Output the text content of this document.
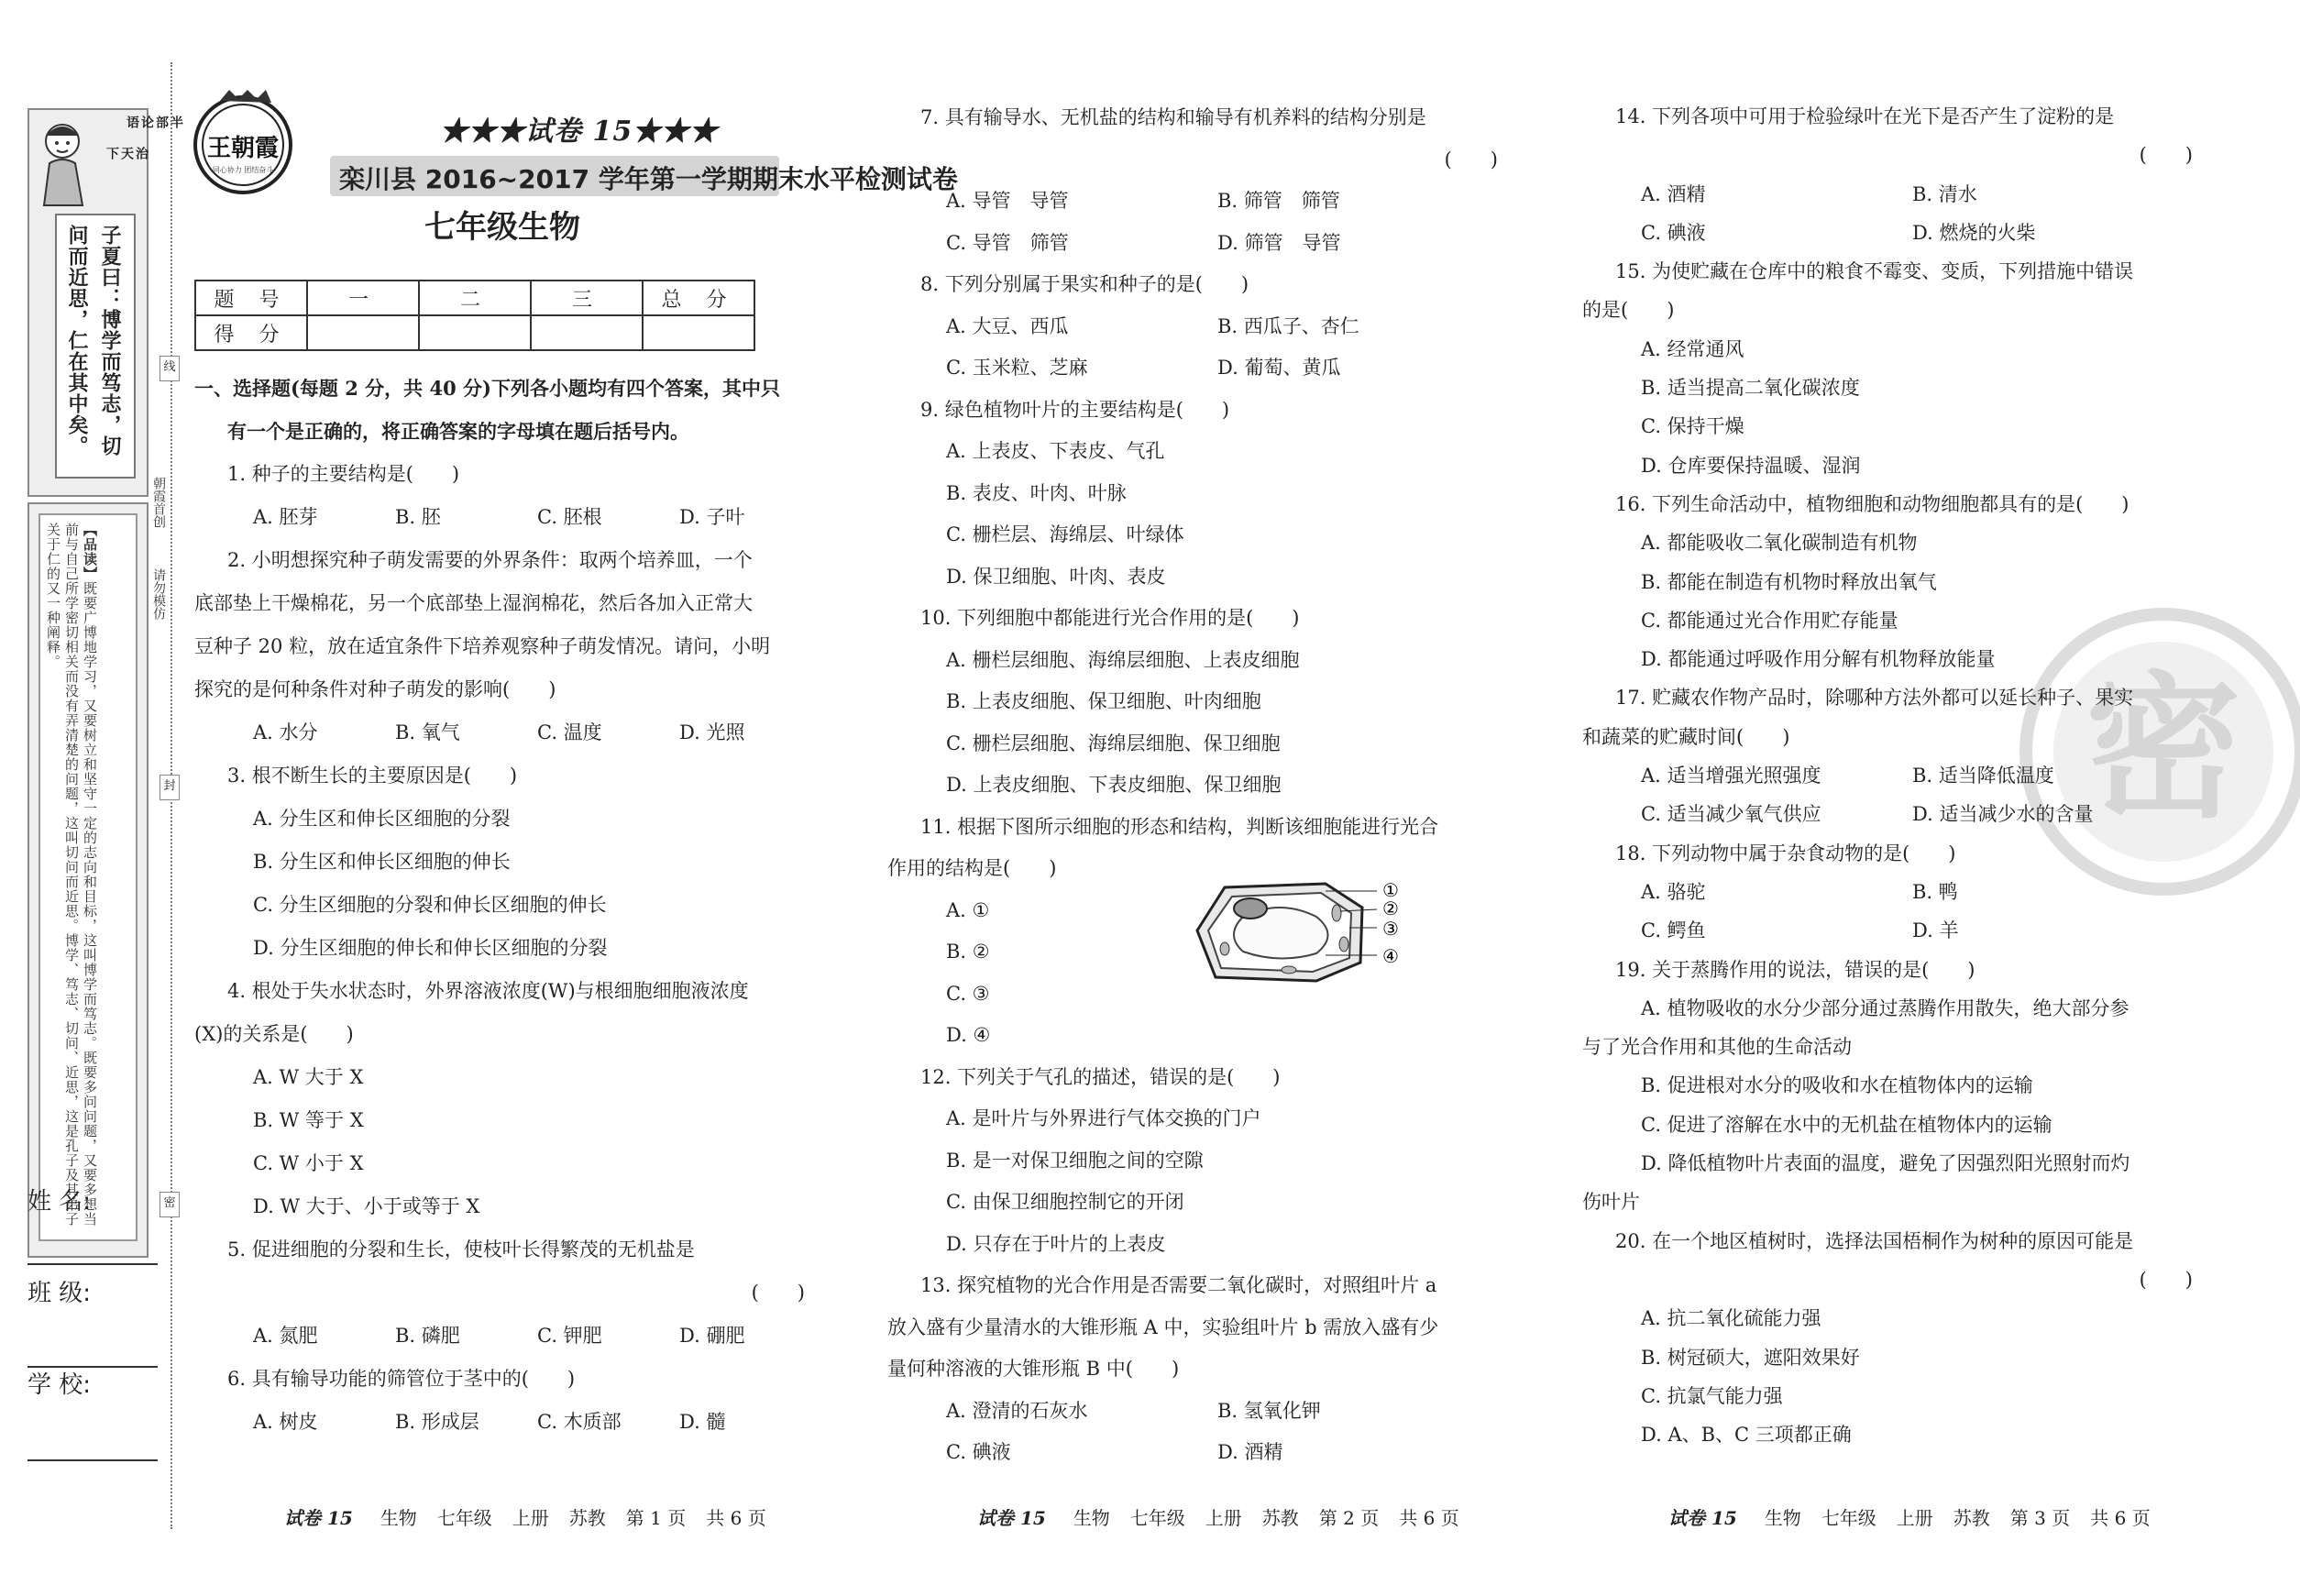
半部论语
治天下
子夏曰：博学而笃志，切问而近思，仁在其中矣。
【品读】既要广博地学习，又要树立和坚守一定的志向和目标，这叫博学而笃志。既要多问问题，又要多想当前与自己所学密切相关而没有弄清楚的问题，这叫切问而近思。博学、笃志、切问、近思，这是孔子及其弟子关于仁的又一种阐释。
姓 名:
班 级:
学 校:
线
封
密
朝霞首创
请勿模仿
王朝霞
同心协力 团结奋斗
★★★试卷 15★★★
栾川县 2016~2017 学年第一学期期末水平检测试卷
七年级生物
题 号	一	二	三	总 分
得 分				

一、选择题(每题 2 分，共 40 分)下列各小题均有四个答案，其中只

有一个是正确的，将正确答案的字母填在题后括号内。

1. 种子的主要结构是(　　)

A. 胚芽	B. 胚	C. 胚根	D. 子叶

2. 小明想探究种子萌发需要的外界条件：取两个培养皿，一个

底部垫上干燥棉花，另一个底部垫上湿润棉花，然后各加入正常大

豆种子 20 粒，放在适宜条件下培养观察种子萌发情况。请问，小明

探究的是何种条件对种子萌发的影响(　　)

A. 水分	B. 氧气	C. 温度	D. 光照

3. 根不断生长的主要原因是(　　)

A. 分生区和伸长区细胞的分裂

B. 分生区和伸长区细胞的伸长

C. 分生区细胞的分裂和伸长区细胞的伸长

D. 分生区细胞的伸长和伸长区细胞的分裂

4. 根处于失水状态时，外界溶液浓度(W)与根细胞细胞液浓度

(X)的关系是(　　)

A. W 大于 X

B. W 等于 X

C. W 小于 X

D. W 大于、小于或等于 X

5. 促进细胞的分裂和生长，使枝叶长得繁茂的无机盐是

(　　)

A. 氮肥	B. 磷肥	C. 钾肥	D. 硼肥

6. 具有输导功能的筛管位于茎中的(　　)

A. 树皮	B. 形成层	C. 木质部	D. 髓

7. 具有输导水、无机盐的结构和输导有机养料的结构分别是

(　　)

A. 导管　导管	B. 筛管　筛管

C. 导管　筛管	D. 筛管　导管

8. 下列分别属于果实和种子的是(　　)

A. 大豆、西瓜	B. 西瓜子、杏仁

C. 玉米粒、芝麻	D. 葡萄、黄瓜

9. 绿色植物叶片的主要结构是(　　)

A. 上表皮、下表皮、气孔

B. 表皮、叶肉、叶脉

C. 栅栏层、海绵层、叶绿体

D. 保卫细胞、叶肉、表皮

10. 下列细胞中都能进行光合作用的是(　　)

A. 栅栏层细胞、海绵层细胞、上表皮细胞

B. 上表皮细胞、保卫细胞、叶肉细胞

C. 栅栏层细胞、海绵层细胞、保卫细胞

D. 上表皮细胞、下表皮细胞、保卫细胞

11. 根据下图所示细胞的形态和结构，判断该细胞能进行光合

作用的结构是(　　)

A. ①

B. ②

C. ③

D. ④

12. 下列关于气孔的描述，错误的是(　　)

A. 是叶片与外界进行气体交换的门户

B. 是一对保卫细胞之间的空隙

C. 由保卫细胞控制它的开闭

D. 只存在于叶片的上表皮

13. 探究植物的光合作用是否需要二氧化碳时，对照组叶片 a

放入盛有少量清水的大锥形瓶 A 中，实验组叶片 b 需放入盛有少

量何种溶液的大锥形瓶 B 中(　　)

A. 澄清的石灰水	B. 氢氧化钾

C. 碘液	D. 酒精

①
②
③
④
密

14. 下列各项中可用于检验绿叶在光下是否产生了淀粉的是

(　　)

A. 酒精	B. 清水

C. 碘液	D. 燃烧的火柴

15. 为使贮藏在仓库中的粮食不霉变、变质，下列措施中错误

的是(　　)

A. 经常通风

B. 适当提高二氧化碳浓度

C. 保持干燥

D. 仓库要保持温暖、湿润

16. 下列生命活动中，植物细胞和动物细胞都具有的是(　　)

A. 都能吸收二氧化碳制造有机物

B. 都能在制造有机物时释放出氧气

C. 都能通过光合作用贮存能量

D. 都能通过呼吸作用分解有机物释放能量

17. 贮藏农作物产品时，除哪种方法外都可以延长种子、果实

和蔬菜的贮藏时间(　　)

A. 适当增强光照强度	B. 适当降低温度

C. 适当减少氧气供应	D. 适当减少水的含量

18. 下列动物中属于杂食动物的是(　　)

A. 骆驼	B. 鸭

C. 鳄鱼	D. 羊

19. 关于蒸腾作用的说法，错误的是(　　)

A. 植物吸收的水分少部分通过蒸腾作用散失，绝大部分参

与了光合作用和其他的生命活动

B. 促进根对水分的吸收和水在植物体内的运输

C. 促进了溶解在水中的无机盐在植物体内的运输

D. 降低植物叶片表面的温度，避免了因强烈阳光照射而灼

伤叶片

20. 在一个地区植树时，选择法国梧桐作为树种的原因可能是

(　　)

A. 抗二氧化硫能力强

B. 树冠硕大，遮阳效果好

C. 抗氯气能力强

D. A、B、C 三项都正确

试卷 15 生物 七年级 上册 苏教 第 1 页 共 6 页	试卷 15 生物 七年级 上册 苏教 第 2 页 共 6 页	试卷 15 生物 七年级 上册 苏教 第 3 页 共 6 页
